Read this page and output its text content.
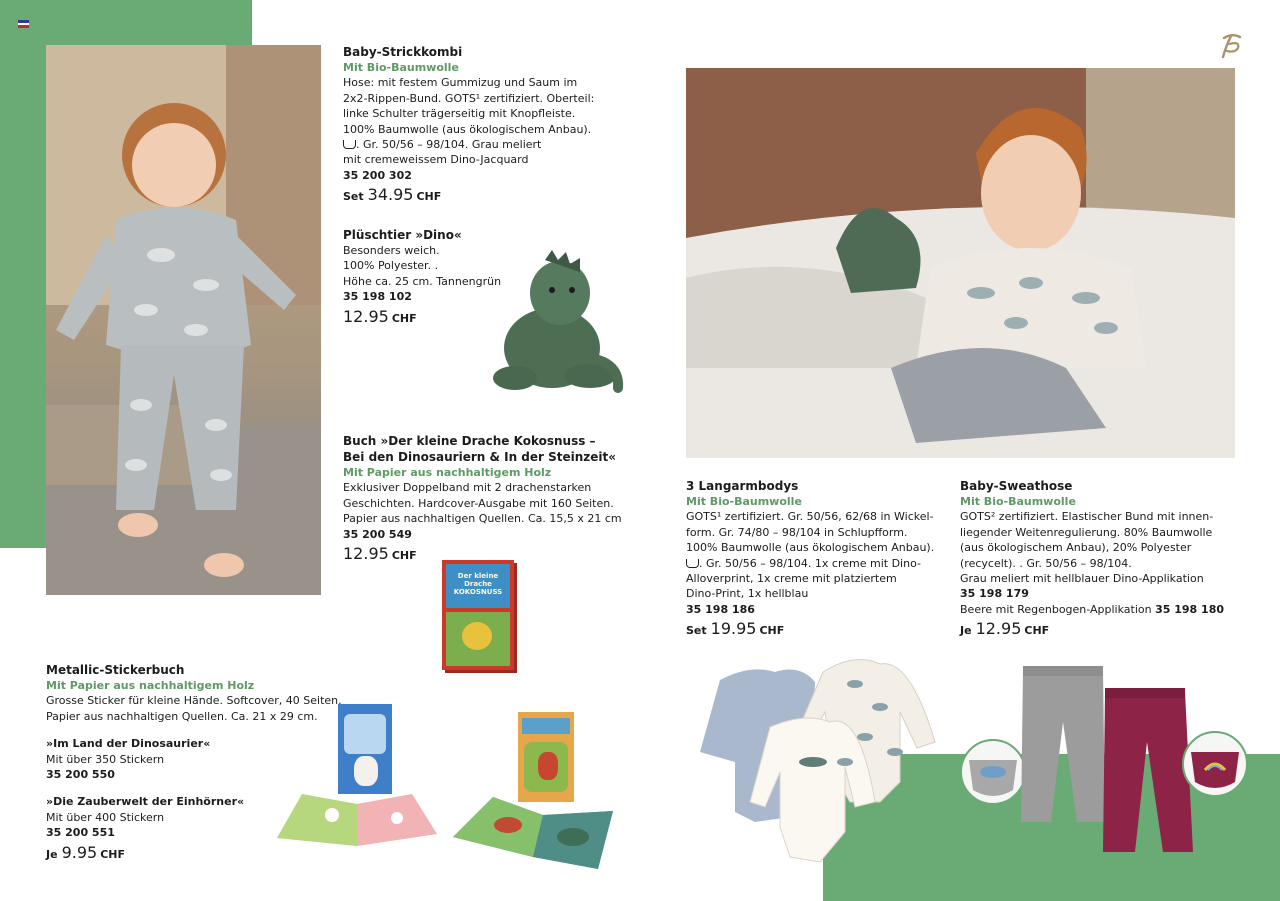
Der kleine Drache KOKOSNUSS
Baby-Strickkombi
Mit Bio-Baumwolle
Hose: mit festem Gummizug und Saum im
2x2-Rippen-Bund. GOTS¹ zertifiziert. Oberteil:
linke Schulter trägerseitig mit Knopfleiste.
100% Baumwolle (aus ökologischem Anbau).
. Gr. 50/56 – 98/104. Grau meliert
mit cremeweissem Dino-Jacquard
35 200 302
Set 34.95 CHF
Plüschtier »Dino«
Besonders weich.
100% Polyester. .
Höhe ca. 25 cm. Tannengrün
35 198 102
12.95 CHF
Buch »Der kleine Drache Kokosnuss –
Bei den Dinosauriern & In der Steinzeit«
Mit Papier aus nachhaltigem Holz
Exklusiver Doppelband mit 2 drachenstarken
Geschichten. Hardcover-Ausgabe mit 160 Seiten.
Papier aus nachhaltigen Quellen. Ca. 15,5 x 21 cm
35 200 549
12.95 CHF
Metallic-Stickerbuch
Mit Papier aus nachhaltigem Holz
Grosse Sticker für kleine Hände. Softcover, 40 Seiten.
Papier aus nachhaltigen Quellen. Ca. 21 x 29 cm.
»Im Land der Dinosaurier«
Mit über 350 Stickern
35 200 550
»Die Zauberwelt der Einhörner«
Mit über 400 Stickern
35 200 551
Je 9.95 CHF
3 Langarmbodys
Mit Bio-Baumwolle
GOTS¹ zertifiziert. Gr. 50/56, 62/68 in Wickel-
form. Gr. 74/80 – 98/104 in Schlupfform.
100% Baumwolle (aus ökologischem Anbau).
. Gr. 50/56 – 98/104. 1x creme mit Dino-
Alloverprint, 1x creme mit platziertem
Dino-Print, 1x hellblau
35 198 186
Set 19.95 CHF
Baby-Sweathose
Mit Bio-Baumwolle
GOTS² zertifiziert. Elastischer Bund mit innen-
liegender Weitenregulierung. 80% Baumwolle
(aus ökologischem Anbau), 20% Polyester
(recycelt). . Gr. 50/56 – 98/104.
Grau meliert mit hellblauer Dino-Applikation
35 198 179
Beere mit Regenbogen-Applikation 35 198 180
Je 12.95 CHF
